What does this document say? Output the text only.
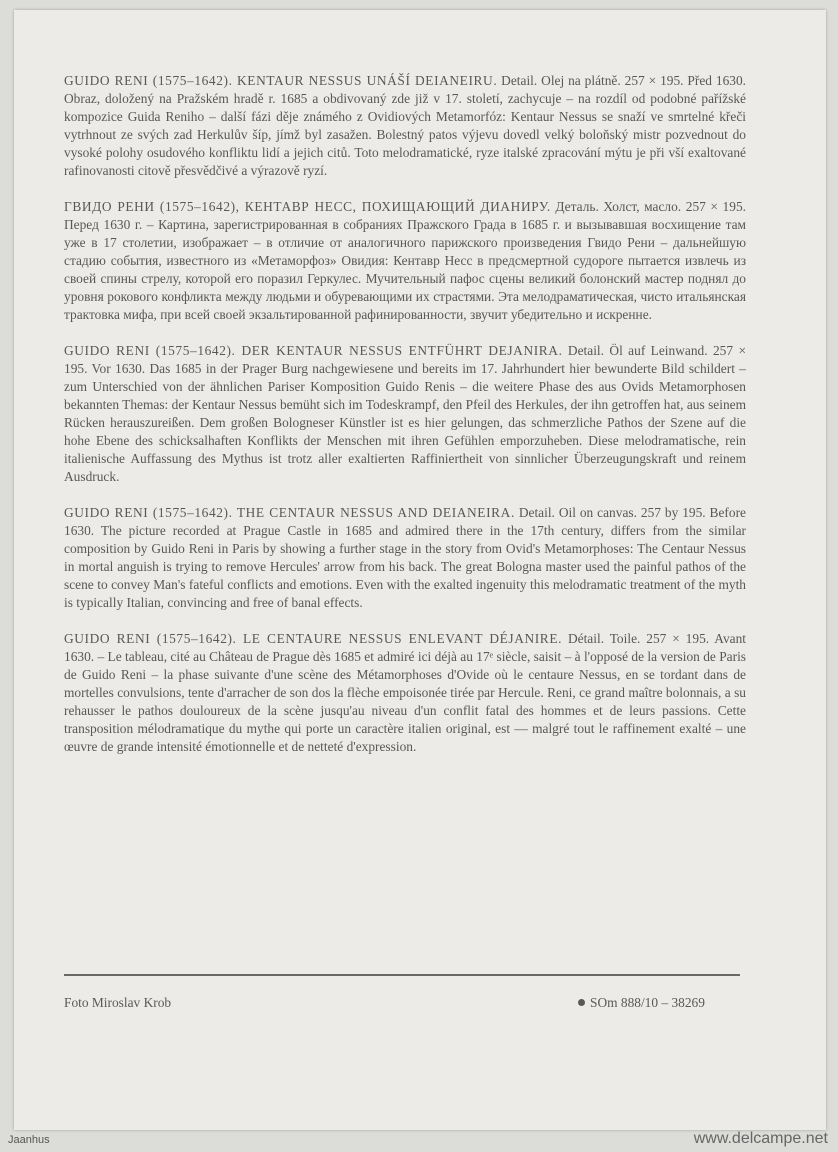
GUIDO RENI (1575–1642). KENTAUR NESSUS UNÁŠÍ DEIANEIRU. Detail. Olej na plátně. 257 × 195. Před 1630. Obraz, doložený na Pražském hradě r. 1685 a obdivovaný zde již v 17. století, zachycuje – na rozdíl od podobné pařížské kompozice Guida Reniho – další fázi děje známého z Ovidiových Metamorfóz: Kentaur Nessus se snaží ve smrtelné křeči vytrhnout ze svých zad Herkulův šíp, jímž byl zasažen. Bolestný patos výjevu dovedl velký boloňský mistr pozvednout do vysoké polohy osudového konfliktu lidí a jejich citů. Toto melodramatické, ryze italské zpracování mýtu je při vší exaltované rafinovanosti citově přesvědčivé a výrazově ryzí.

ГВИДО РЕНИ (1575–1642), КЕНТАВР НЕСС, ПОХИЩАЮЩИЙ ДИАНИРУ. Деталь. Холст, масло. 257 × 195. Перед 1630 г. – Картина, зарегистрированная в собраниях Пражского Града в 1685 г. и вызывавшая восхищение там уже в 17 столетии, изображает – в отличие от аналогичного парижского произведения Гвидо Рени – дальнейшую стадию события, известного из «Метаморфоз» Овидия: Кентавр Несс в предсмертной судороге пытается извлечь из своей спины стрелу, которой его поразил Геркулес. Мучительный пафос сцены великий болонский мастер поднял до уровня рокового конфликта между людьми и обуревающими их страстями. Эта мелодраматическая, чисто итальянская трактовка мифа, при всей своей экзальтированной рафинированности, звучит убедительно и искренне.

GUIDO RENI (1575–1642). DER KENTAUR NESSUS ENTFÜHRT DEJANIRA. Detail. Öl auf Leinwand. 257 × 195. Vor 1630. Das 1685 in der Prager Burg nachgewiesene und bereits im 17. Jahrhundert hier bewunderte Bild schildert – zum Unterschied von der ähnlichen Pariser Komposition Guido Renis – die weitere Phase des aus Ovids Metamorphosen bekannten Themas: der Kentaur Nessus bemüht sich im Todeskrampf, den Pfeil des Herkules, der ihn getroffen hat, aus seinem Rücken herauszureißen. Dem großen Bologneser Künstler ist es hier gelungen, das schmerzliche Pathos der Szene auf die hohe Ebene des schicksalhaften Konflikts der Menschen mit ihren Gefühlen emporzuheben. Diese melodramatische, rein italienische Auffassung des Mythus ist trotz aller exaltierten Raffiniertheit von sinnlicher Überzeugungskraft und reinem Ausdruck.

GUIDO RENI (1575–1642). THE CENTAUR NESSUS AND DEIANEIRA. Detail. Oil on canvas. 257 by 195. Before 1630. The picture recorded at Prague Castle in 1685 and admired there in the 17th century, differs from the similar composition by Guido Reni in Paris by showing a further stage in the story from Ovid's Metamorphoses: The Centaur Nessus in mortal anguish is trying to remove Hercules' arrow from his back. The great Bologna master used the painful pathos of the scene to convey Man's fateful conflicts and emotions. Even with the exalted ingenuity this melodramatic treatment of the myth is typically Italian, convincing and free of banal effects.

GUIDO RENI (1575–1642). LE CENTAURE NESSUS ENLEVANT DÉJANIRE. Détail. Toile. 257 × 195. Avant 1630. – Le tableau, cité au Château de Prague dès 1685 et admiré ici déjà au 17ᵉ siècle, saisit – à l'opposé de la version de Paris de Guido Reni – la phase suivante d'une scène des Métamorphoses d'Ovide où le centaure Nessus, en se tordant dans de mortelles convulsions, tente d'arracher de son dos la flèche empoisonée tirée par Hercule. Reni, ce grand maître bolonnais, a su rehausser le pathos douloureux de la scène jusqu'au niveau d'un conflit fatal des hommes et de leurs passions. Cette transposition mélodramatique du mythe qui porte un caractère italien original, est — malgré tout le raffinement exalté – une œuvre de grande intensité émotionnelle et de netteté d'expression.

Foto Miroslav Krob	SOm 888/10 – 38269
Jaanhus	www.delcampe.net
